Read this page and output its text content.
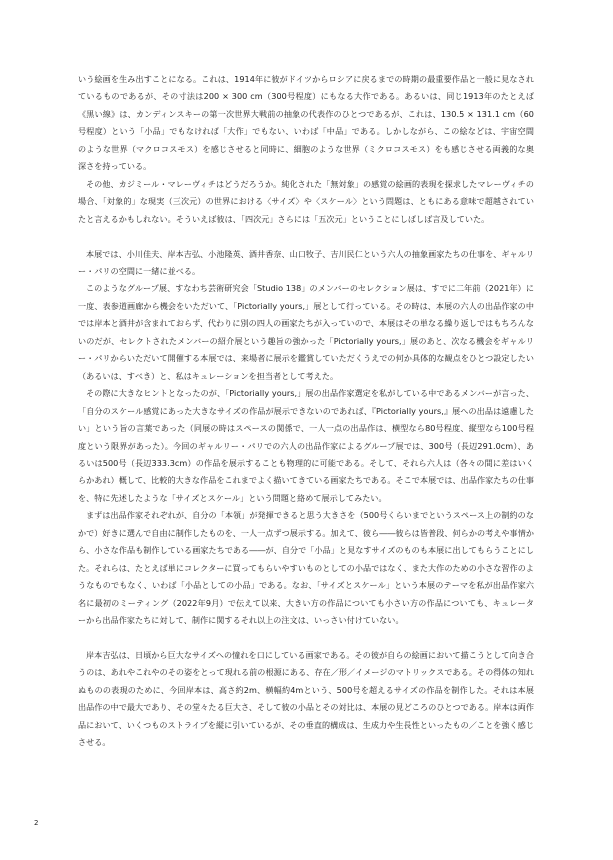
いう絵画を生み出すことになる。これは、1914年に彼がドイツからロシアに戻るまでの時期の最重要作品と一般に見なされているものであるが、その寸法は200 × 300 cm（300号程度）にもなる大作である。あるいは、同じ1913年のたとえば《黒い線》は、カンディンスキーの第一次世界大戦前の抽象の代表作のひとつであるが、これは、130.5 × 131.1 cm（60号程度）という「小品」でもなければ「大作」でもない、いわば「中品」である。しかしながら、この絵などは、宇宙空間のような世界（マクロコスモス）を感じさせると同時に、細胞のような世界（ミクロコスモス）をも感じさせる両義的な奥深さを持っている。

その他、カジミール・マレーヴィチはどうだろうか。純化された「無対象」の感覚の絵画的表現を探求したマレーヴィチの場合、「対象的」な現実（三次元）の世界における〈サイズ〉や〈スケール〉という問題は、ともにある意味で超越されていたと言えるかもしれない。そういえば彼は、「四次元」さらには「五次元」ということにしばしば言及していた。

本展では、小川佳夫、岸本吉弘、小池隆英、酒井香奈、山口牧子、吉川民仁という六人の抽象画家たちの仕事を、ギャルリー・パリの空間に一緒に並べる。

このようなグループ展、すなわち芸術研究会「Studio 138」のメンバーのセレクション展は、すでに二年前（2021年）に一度、表参道画廊から機会をいただいて、「Pictorially yours,」展として行っている。その時は、本展の六人の出品作家の中では岸本と酒井が含まれておらず、代わりに別の四人の画家たちが入っていので、本展はその単なる繰り返しではもちろんないのだが、セレクトされたメンバーの紹介展という趣旨の強かった「Pictorially yours,」展のあと、次なる機会をギャルリー・パリからいただいて開催する本展では、来場者に展示を鑑賞していただくうえでの何か具体的な観点をひとつ設定したい（あるいは、すべき）と、私はキュレーションを担当者として考えた。

その際に大きなヒントとなったのが、「Pictorially yours,」展の出品作家選定を私がしている中であるメンバーが言った、「自分のスケール感覚にあった大きなサイズの作品が展示できないのであれば、『Pictorially yours,』展への出品は遠慮したい」という旨の言葉であった（同展の時はスペースの関係で、一人一点の出品作は、横型なら80号程度、縦型なら100号程度という限界があった）。今回のギャルリー・パリでの六人の出品作家によるグループ展では、300号（長辺291.0cm）、あるいは500号（長辺333.3cm）の作品を展示することも物理的に可能である。そして、それら六人は（各々の間に差はいくらかあれ）概して、比較的大きな作品をこれまでよく描いてきている画家たちである。そこで本展では、出品作家たちの仕事を、特に先述したような「サイズとスケール」という問題と絡めて展示してみたい。

まずは出品作家それぞれが、自分の「本領」が発揮できると思う大きさを（500号くらいまでというスペース上の制約のなかで）好きに選んで自由に制作したものを、一人一点ずつ展示する。加えて、彼ら――彼らは皆普段、何らかの考えや事情から、小さな作品も制作している画家たちである――が、自分で「小品」と見なすサイズのものも本展に出してもらうことにした。それらは、たとえば単にコレクターに買ってもらいやすいものとしての小品ではなく、また大作のための小さな習作のようなものでもなく、いわば「小品としての小品」である。なお、「サイズとスケール」という本展のテーマを私が出品作家六名に最初のミーティング（2022年9月）で伝えて以来、大きい方の作品についても小さい方の作品についても、キュレーターから出品作家たちに対して、制作に関するそれ以上の注文は、いっさい付けていない。

岸本吉弘は、日頃から巨大なサイズへの憧れを口にしている画家である。その彼が自らの絵画において描こうとして向き合うのは、あれやこれやのその姿をとって現れる前の根源にある、存在／形／イメージのマトリックスである。その得体の知れぬものの表現のために、今回岸本は、高さ約2m、横幅約4mという、500号を超えるサイズの作品を制作した。それは本展出品作の中で最大であり、その堂々たる巨大さ、そして彼の小品とその対比は、本展の見どころのひとつである。岸本は両作品において、いくつものストライプを縦に引いているが、その垂直的構成は、生成力や生長性といったもの／ことを強く感じさせる。

2
